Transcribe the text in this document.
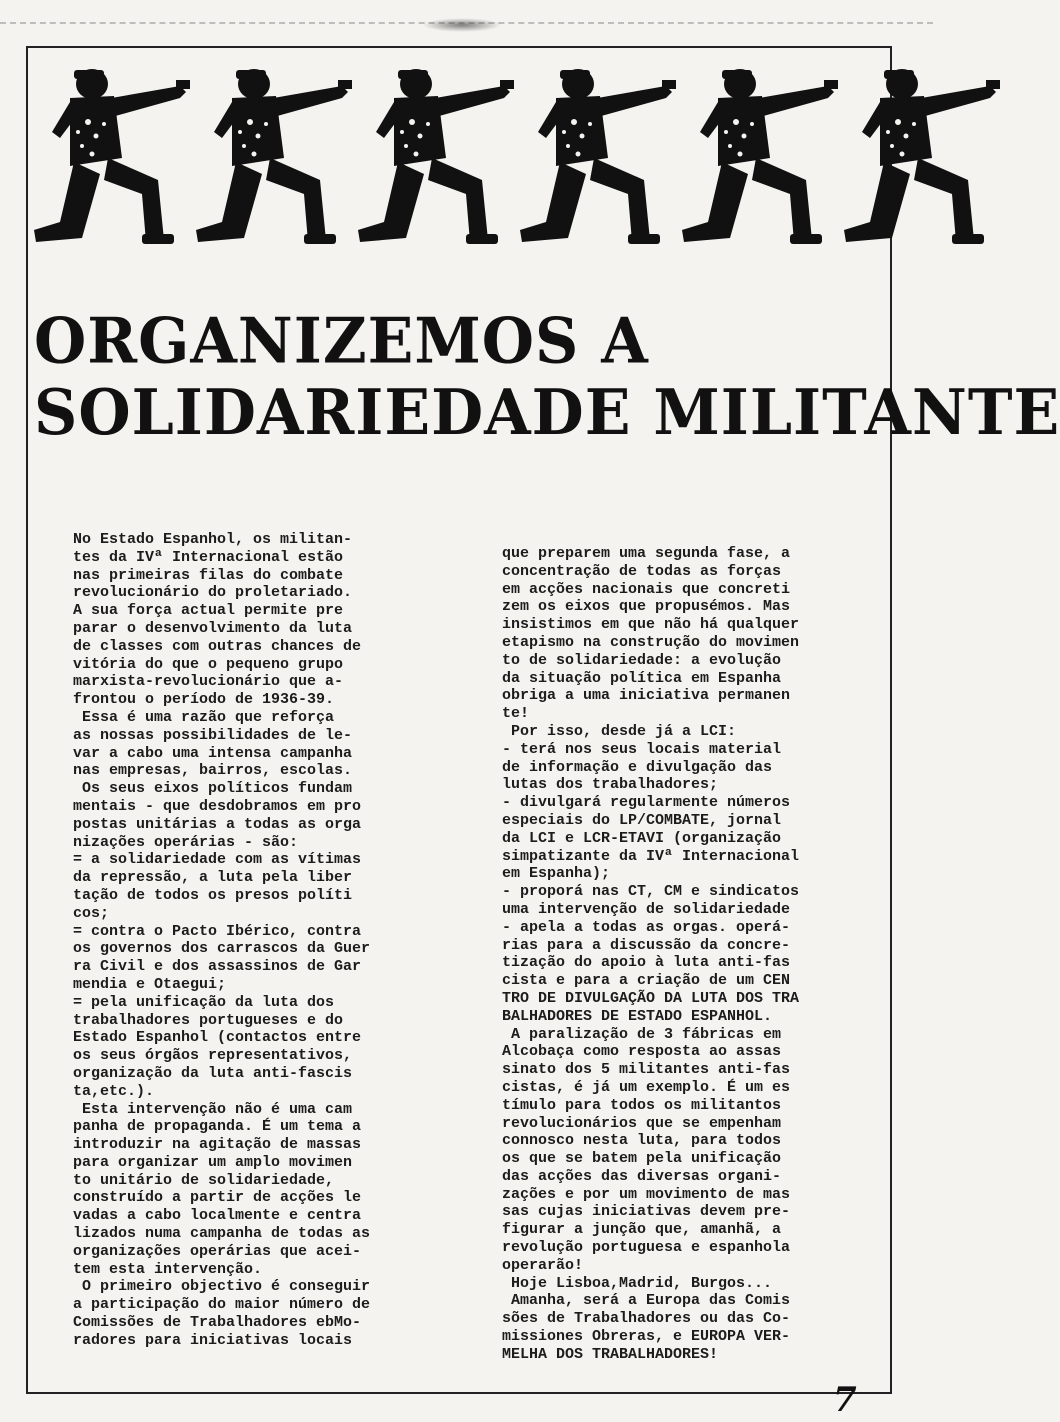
ORGANIZEMOS A
SOLIDARIEDADE MILITANTE
No Estado Espanhol, os militan-
tes da IVª Internacional estão
nas primeiras filas do combate
revolucionário do proletariado.
A sua força actual permite pre
parar o desenvolvimento da luta
de classes com outras chances de
vitória do que o pequeno grupo
marxista-revolucionário que a-
frontou o período de 1936-39.
Essa é uma razão que reforça
as nossas possibilidades de le-
var a cabo uma intensa campanha
nas empresas, bairros, escolas.
Os seus eixos políticos fundam
mentais - que desdobramos em pro
postas unitárias a todas as orga
nizações operárias - são:
= a solidariedade com as vítimas
da repressão, a luta pela liber
tação de todos os presos políti
cos;
= contra o Pacto Ibérico, contra
os governos dos carrascos da Guer
ra Civil e dos assassinos de Gar
mendia e Otaegui;
= pela unificação da luta dos
trabalhadores portugueses e do
Estado Espanhol (contactos entre
os seus órgãos representativos,
organização da luta anti-fascis
ta,etc.).
Esta intervenção não é uma cam
panha de propaganda. É um tema a
introduzir na agitação de massas
para organizar um amplo movimen
to unitário de solidariedade,
construído a partir de acções le
vadas a cabo localmente e centra
lizados numa campanha de todas as
organizações operárias que acei-
tem esta intervenção.
O primeiro objectivo é conseguir
a participação do maior número de
Comissões de Trabalhadores ebMo-
radores para iniciativas locais
que preparem uma segunda fase, a
concentração de todas as forças
em acções nacionais que concreti
zem os eixos que propusémos. Mas
insistimos em que não há qualquer
etapismo na construção do movimen
to de solidariedade: a evolução
da situação política em Espanha
obriga a uma iniciativa permanen
te!
Por isso, desde já a LCI:
- terá nos seus locais material
de informação e divulgação das
lutas dos trabalhadores;
- divulgará regularmente números
especiais do LP/COMBATE, jornal
da LCI e LCR-ETAVI (organização
simpatizante da IVª Internacional
em Espanha);
- proporá nas CT, CM e sindicatos
uma intervenção de solidariedade
- apela a todas as orgas. operá-
rias para a discussão da concre-
tização do apoio à luta anti-fas
cista e para a criação de um CEN
TRO DE DIVULGAÇÃO DA LUTA DOS TRA
BALHADORES DE ESTADO ESPANHOL.
A paralização de 3 fábricas em
Alcobaça como resposta ao assas
sinato dos 5 militantes anti-fas
cistas, é já um exemplo. É um es
tímulo para todos os militantos
revolucionários que se empenham
connosco nesta luta, para todos
os que se batem pela unificação
das acções das diversas organi-
zações e por um movimento de mas
sas cujas iniciativas devem pre-
figurar a junção que, amanhã, a
revolução portuguesa e espanhola
operarão!
Hoje Lisboa,Madrid, Burgos...
Amanha, será a Europa das Comis
sões de Trabalhadores ou das Co-
missiones Obreras, e EUROPA VER-
MELHA DOS TRABALHADORES!
7
